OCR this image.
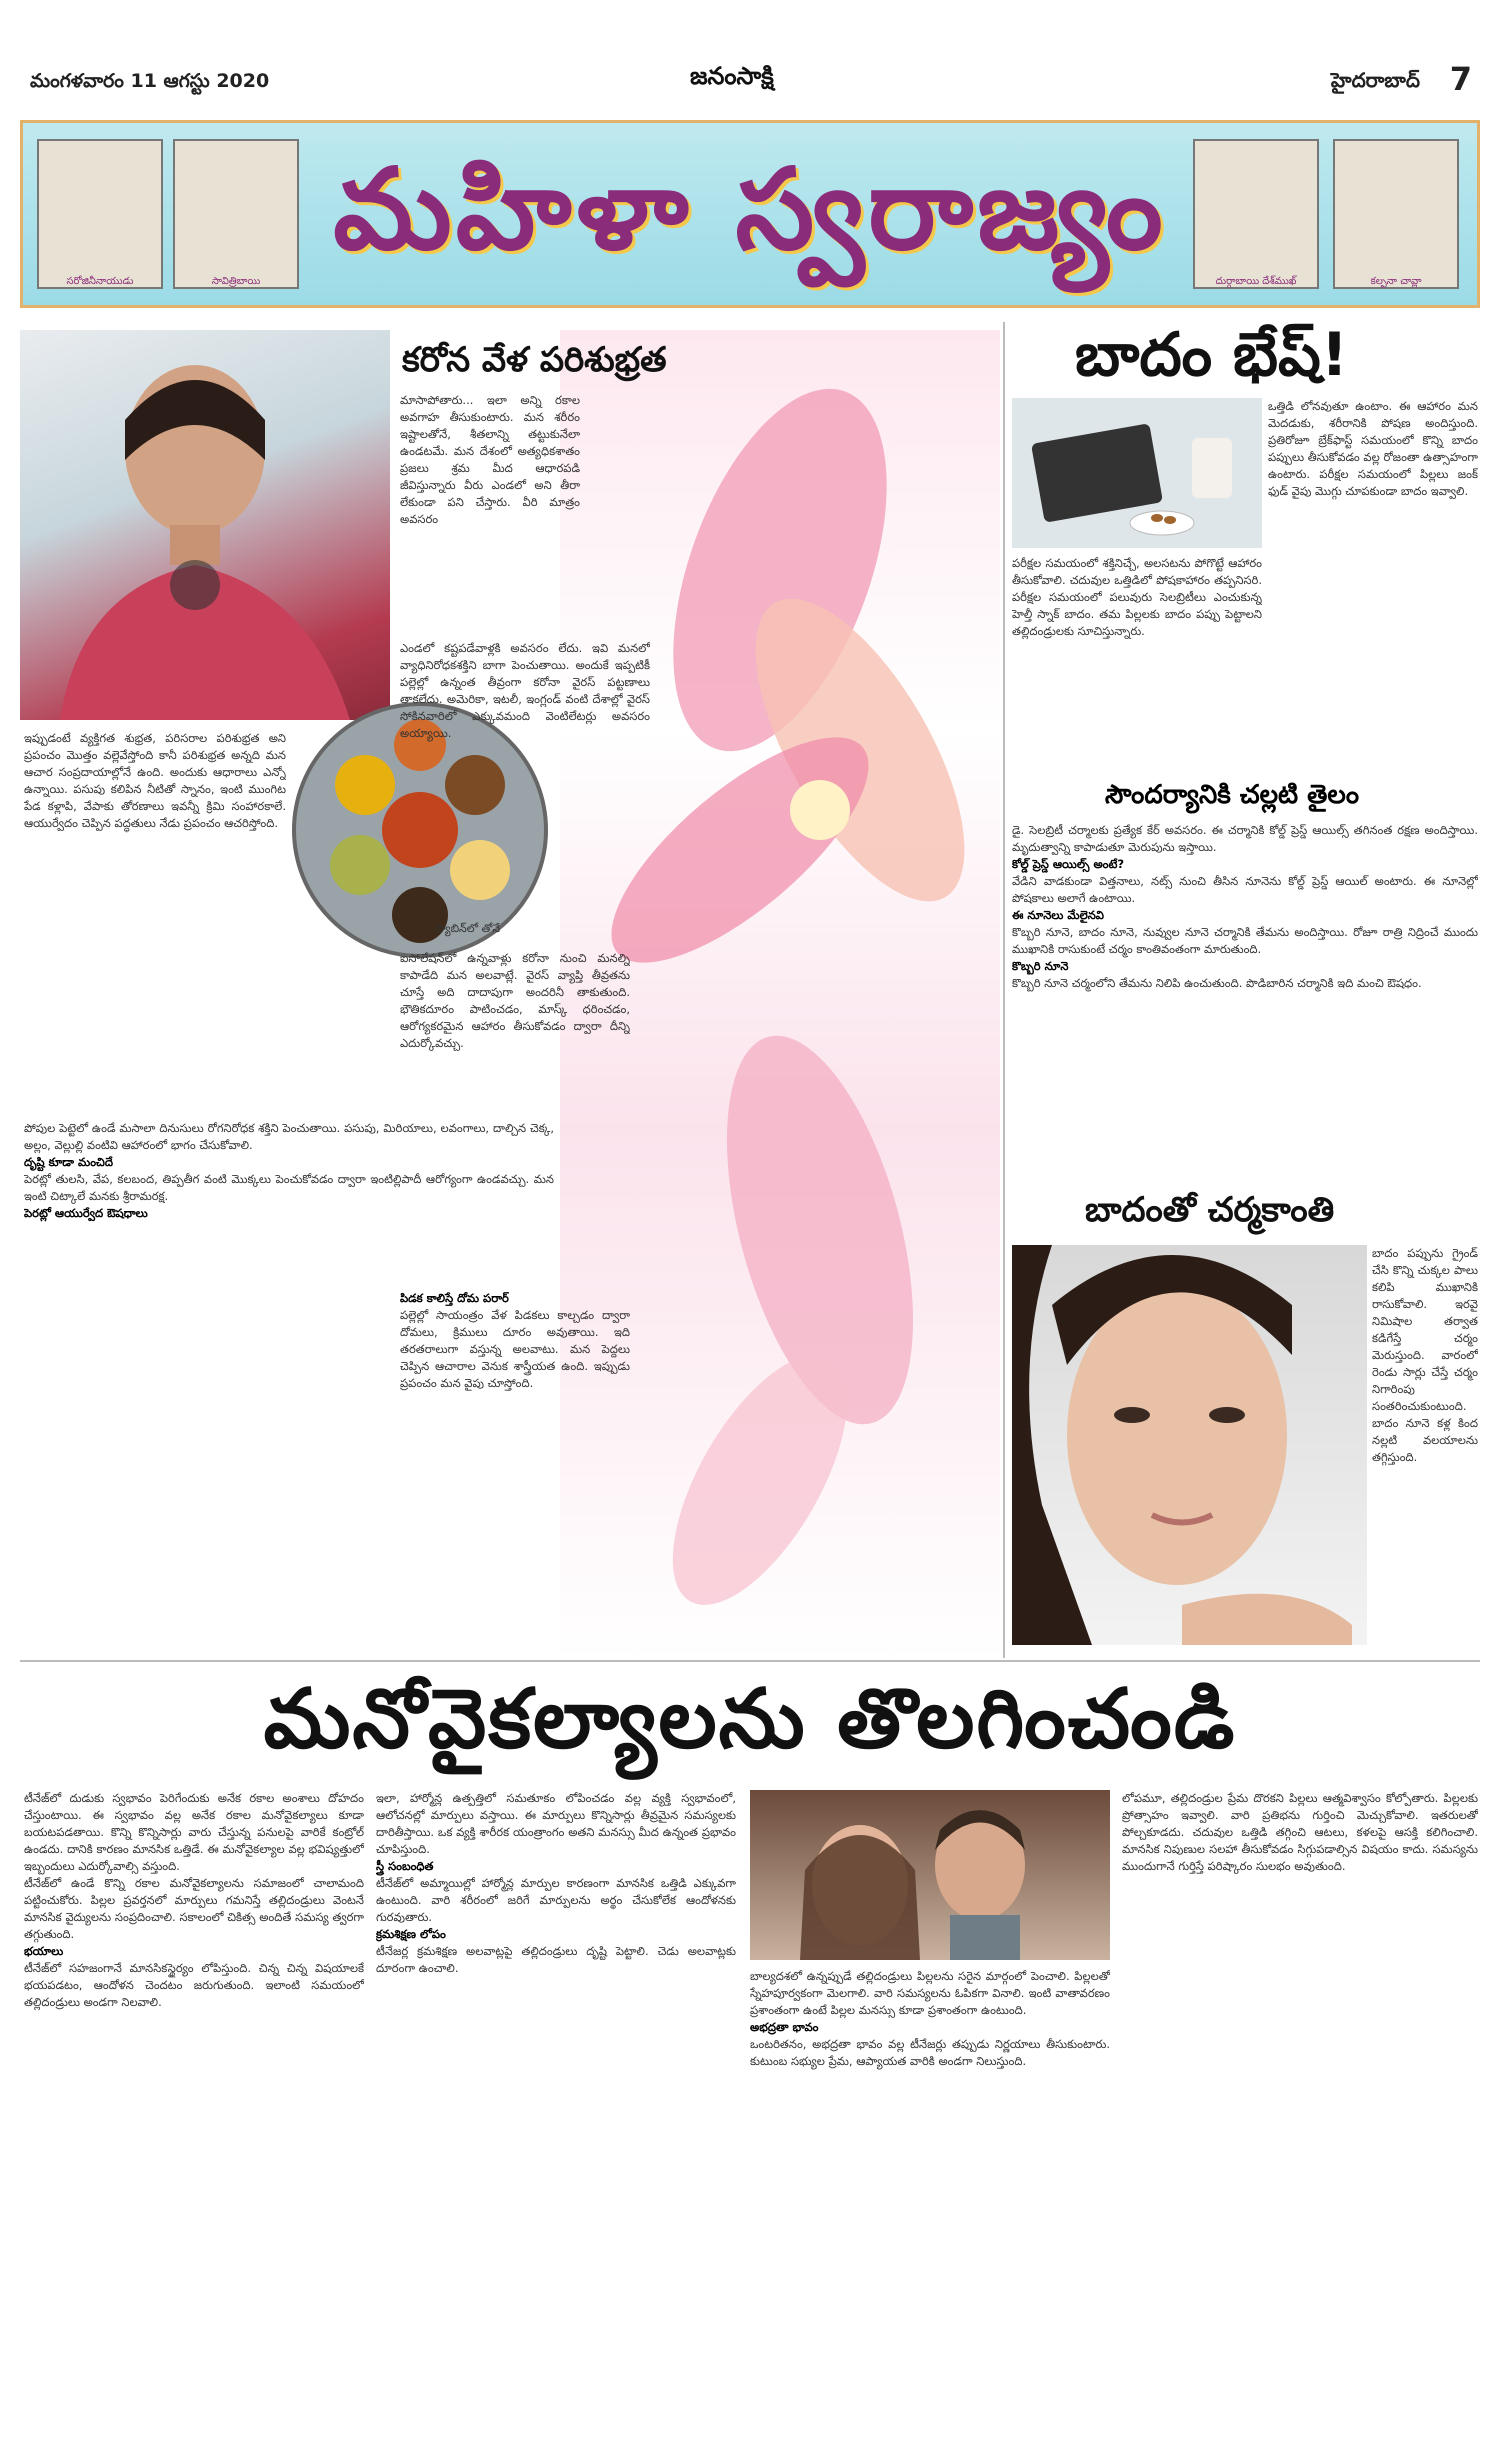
మంగళవారం 11 ఆగస్టు 2020	జనంసాక్షి	హైదరాబాద్ 7
సరోజినీనాయుడు	సావిత్రిబాయి	దుర్గాబాయి దేశ్‌ముఖ్	కల్పనా చావ్లా
మహిళా స్వరాజ్యం
కరోన వేళ పరిశుభ్రత
మాసాపోతారు... ఇలా అన్ని రకాల అవగాహ తీసుకుంటారు. మన శరీరం ఇష్టాలతోనే, శీతలాన్ని తట్టుకునేలా ఉండటమే. మన దేశంలో అత్యధికశాతం ప్రజలు శ్రమ మీద ఆధారపడి జీవిస్తున్నారు వీరు ఎండలో అని తీరా లేకుండా పని చేస్తారు. వీరి మాత్రం అవసరం
ఎండలో కష్టపడేవాళ్లకి అవసరం లేదు. ఇవి మనలో వ్యాధినిరోధకశక్తిని బాగా పెంచుతాయి. అందుకే ఇప్పటికీ పల్లెల్లో ఉన్నంత తీవ్రంగా కరోనా వైరస్ పట్టణాలు తాకలేదు. అమెరికా, ఇటలీ, ఇంగ్లండ్ వంటి దేశాల్లో వైరస్ సోకినవారిలో ఎక్కువమంది వెంటిలేటర్లు అవసరం అయ్యాయి.
క్యాబిన్‌లో తోనే
ఇప్పుడంటే వ్యక్తిగత శుభ్రత, పరిసరాల పరిశుభ్రత అని ప్రపంచం మొత్తం వల్లెవేస్తోంది కానీ పరిశుభ్రత అన్నది మన ఆచార సంప్రదాయాల్లోనే ఉంది. అందుకు ఆధారాలు ఎన్నో ఉన్నాయి. పసుపు కలిపిన నీటితో స్నానం, ఇంటి ముంగిట పేడ కళ్లాపి, వేపాకు తోరణాలు ఇవన్నీ క్రిమి సంహారకాలే. ఆయుర్వేదం చెప్పిన పద్ధతులు నేడు ప్రపంచం ఆచరిస్తోంది.
పోపుల పెట్టెలో ఉండే మసాలా దినుసులు రోగనిరోధక శక్తిని పెంచుతాయి. పసుపు, మిరియాలు, లవంగాలు, దాల్చిన చెక్క, అల్లం, వెల్లుల్లి వంటివి ఆహారంలో భాగం చేసుకోవాలి.
దృష్టి కూడా మంచిదే
పెరట్లో తులసి, వేప, కలబంద, తిప్పతీగ వంటి మొక్కలు పెంచుకోవడం ద్వారా ఇంటిల్లిపాదీ ఆరోగ్యంగా ఉండవచ్చు. మన ఇంటి చిట్కాలే మనకు శ్రీరామరక్ష.
పెరట్లో ఆయుర్వేద ఔషధాలు
ఐసోలేషన్‌లో ఉన్నవాళ్లు కరోనా నుంచి మనల్ని కాపాడేది మన అలవాట్లే. వైరస్ వ్యాప్తి తీవ్రతను చూస్తే అది దాదాపుగా అందరినీ తాకుతుంది. భౌతికదూరం పాటించడం, మాస్క్ ధరించడం, ఆరోగ్యకరమైన ఆహారం తీసుకోవడం ద్వారా దీన్ని ఎదుర్కోవచ్చు.
పిడక కాలిస్తే దోమ పరార్
పల్లెల్లో సాయంత్రం వేళ పిడకలు కాల్చడం ద్వారా దోమలు, క్రిములు దూరం అవుతాయి. ఇది తరతరాలుగా వస్తున్న అలవాటు. మన పెద్దలు చెప్పిన ఆచారాల వెనుక శాస్త్రీయత ఉంది. ఇప్పుడు ప్రపంచం మన వైపు చూస్తోంది.
బాదం భేష్!
పరీక్షల సమయంలో శక్తినిచ్చే, అలసటను పోగొట్టే ఆహారం తీసుకోవాలి. చదువుల ఒత్తిడిలో పోషకాహారం తప్పనిసరి. పరీక్షల సమయంలో పలువురు సెలబ్రిటీలు ఎంచుకున్న హెల్తీ స్నాక్ బాదం. తమ పిల్లలకు బాదం పప్పు పెట్టాలని తల్లిదండ్రులకు సూచిస్తున్నారు.
ఒత్తిడి లోనవుతూ ఉంటాం. ఈ ఆహారం మన మెదడుకు, శరీరానికి పోషణ అందిస్తుంది. ప్రతిరోజూ బ్రేక్‌ఫాస్ట్ సమయంలో కొన్ని బాదం పప్పులు తీసుకోవడం వల్ల రోజంతా ఉత్సాహంగా ఉంటారు. పరీక్షల సమయంలో పిల్లలు జంక్ ఫుడ్ వైపు మొగ్గు చూపకుండా బాదం ఇవ్వాలి.
సౌందర్యానికి చల్లటి తైలం
డై. సెలబ్రిటీ చర్మాలకు ప్రత్యేక కేర్ అవసరం. ఈ చర్మానికి కోల్డ్ ప్రెస్డ్ ఆయిల్స్ తగినంత రక్షణ అందిస్తాయి. మృదుత్వాన్ని కాపాడుతూ మెరుపును ఇస్తాయి.
కోల్డ్ ప్రెస్డ్ ఆయిల్స్ అంటే?
వేడిని వాడకుండా విత్తనాలు, నట్స్ నుంచి తీసిన నూనెను కోల్డ్ ప్రెస్డ్ ఆయిల్ అంటారు. ఈ నూనెల్లో పోషకాలు అలాగే ఉంటాయి.
ఈ నూనెలు మేలైనవి
కొబ్బరి నూనె, బాదం నూనె, నువ్వుల నూనె చర్మానికి తేమను అందిస్తాయి. రోజూ రాత్రి నిద్రించే ముందు ముఖానికి రాసుకుంటే చర్మం కాంతివంతంగా మారుతుంది.
కొబ్బరి నూనె
కొబ్బరి నూనె చర్మంలోని తేమను నిలిపి ఉంచుతుంది. పొడిబారిన చర్మానికి ఇది మంచి ఔషధం.
బాదంతో చర్మకాంతి
బాదం పప్పును గ్రైండ్ చేసి కొన్ని చుక్కల పాలు కలిపి ముఖానికి రాసుకోవాలి. ఇరవై నిమిషాల తర్వాత కడిగేస్తే చర్మం మెరుస్తుంది. వారంలో రెండు సార్లు చేస్తే చర్మం నిగారింపు సంతరించుకుంటుంది. బాదం నూనె కళ్ల కింద నల్లటి వలయాలను తగ్గిస్తుంది.
మనోవైకల్యాలను తొలగించండి
టీనేజ్‌లో దుడుకు స్వభావం పెరిగేందుకు అనేక రకాల అంశాలు దోహదం చేస్తుంటాయి. ఈ స్వభావం వల్ల అనేక రకాల మనోవైకల్యాలు కూడా బయటపడతాయి. కొన్ని కొన్నిసార్లు వారు చేస్తున్న పనులపై వారికే కంట్రోల్ ఉండదు. దానికి కారణం మానసిక ఒత్తిడే. ఈ మనోవైకల్యాల వల్ల భవిష్యత్తులో ఇబ్బందులు ఎదుర్కోవాల్సి వస్తుంది.
టీనేజ్‌లో ఉండే కొన్ని రకాల మనోవైకల్యాలను సమాజంలో చాలామంది పట్టించుకోరు. పిల్లల ప్రవర్తనలో మార్పులు గమనిస్తే తల్లిదండ్రులు వెంటనే మానసిక వైద్యులను సంప్రదించాలి. సకాలంలో చికిత్స అందితే సమస్య త్వరగా తగ్గుతుంది.
భయాలు
టీనేజ్‌లో సహజంగానే మానసికస్థైర్యం లోపిస్తుంది. చిన్న చిన్న విషయాలకే భయపడటం, ఆందోళన చెందటం జరుగుతుంది. ఇలాంటి సమయంలో తల్లిదండ్రులు అండగా నిలవాలి.
ఇలా, హార్మోన్ల ఉత్పత్తిలో సమతూకం లోపించడం వల్ల వ్యక్తి స్వభావంలో, ఆలోచనల్లో మార్పులు వస్తాయి. ఈ మార్పులు కొన్నిసార్లు తీవ్రమైన సమస్యలకు దారితీస్తాయి. ఒక వ్యక్తి శారీరక యంత్రాంగం అతని మనస్సు మీద ఉన్నంత ప్రభావం చూపిస్తుంది.
స్త్రీ సంబంధిత
టీనేజ్‌లో అమ్మాయిల్లో హార్మోన్ల మార్పుల కారణంగా మానసిక ఒత్తిడి ఎక్కువగా ఉంటుంది. వారి శరీరంలో జరిగే మార్పులను అర్థం చేసుకోలేక ఆందోళనకు గురవుతారు.
క్రమశిక్షణ లోపం
టీనేజర్ల క్రమశిక్షణ అలవాట్లపై తల్లిదండ్రులు దృష్టి పెట్టాలి. చెడు అలవాట్లకు దూరంగా ఉంచాలి.
బాల్యదశలో ఉన్నప్పుడే తల్లిదండ్రులు పిల్లలను సరైన మార్గంలో పెంచాలి. పిల్లలతో స్నేహపూర్వకంగా మెలగాలి. వారి సమస్యలను ఓపికగా వినాలి. ఇంటి వాతావరణం ప్రశాంతంగా ఉంటే పిల్లల మనస్సు కూడా ప్రశాంతంగా ఉంటుంది.
అభద్రతా భావం
ఒంటరితనం, అభద్రతా భావం వల్ల టీనేజర్లు తప్పుడు నిర్ణయాలు తీసుకుంటారు. కుటుంబ సభ్యుల ప్రేమ, ఆప్యాయత వారికి అండగా నిలుస్తుంది.
లోపమూ, తల్లిదండ్రుల ప్రేమ దొరకని పిల్లలు ఆత్మవిశ్వాసం కోల్పోతారు. పిల్లలకు ప్రోత్సాహం ఇవ్వాలి. వారి ప్రతిభను గుర్తించి మెచ్చుకోవాలి. ఇతరులతో పోల్చకూడదు. చదువుల ఒత్తిడి తగ్గించి ఆటలు, కళలపై ఆసక్తి కలిగించాలి. మానసిక నిపుణుల సలహా తీసుకోవడం సిగ్గుపడాల్సిన విషయం కాదు. సమస్యను ముందుగానే గుర్తిస్తే పరిష్కారం సులభం అవుతుంది.
